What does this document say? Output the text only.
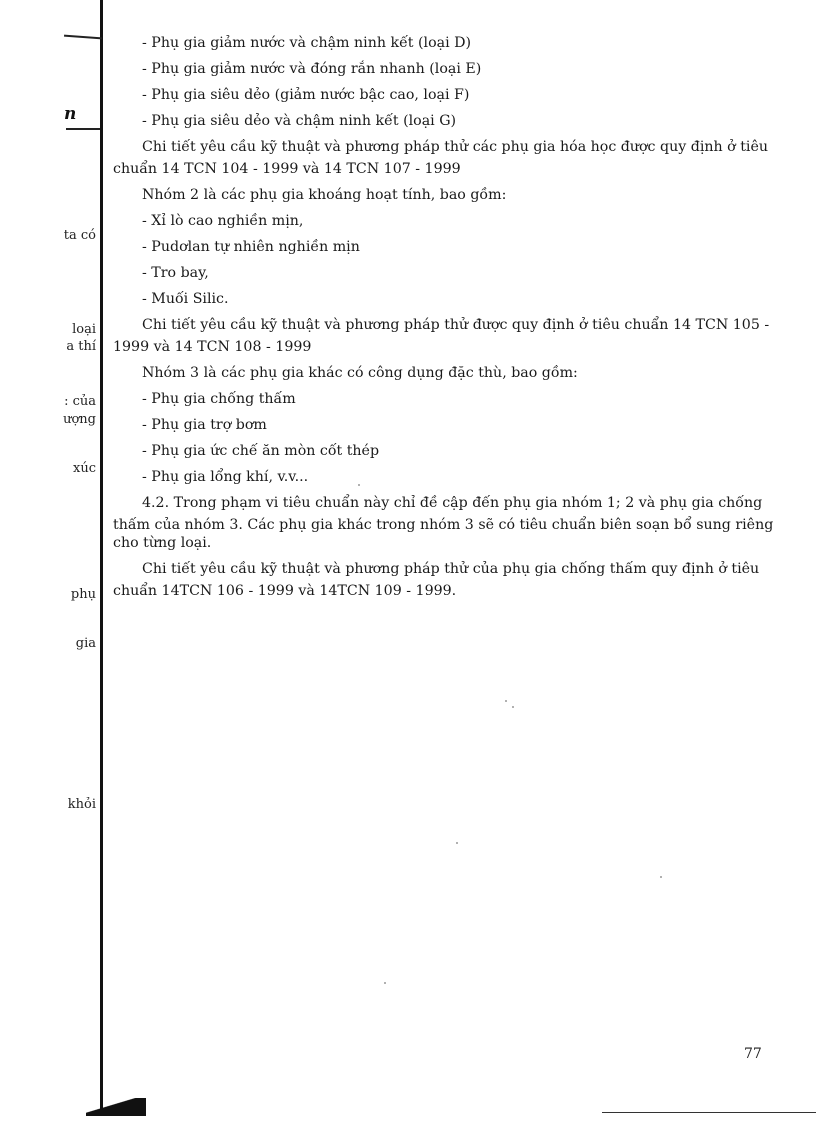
n
ta có
loại
a thí
: của
ượng
xúc
phụ
gia
khỏi

- Phụ gia giảm nước và chậm ninh kết (loại D)

- Phụ gia giảm nước và đóng rắn nhanh (loại E)

- Phụ gia siêu dẻo (giảm nước bậc cao, loại F)

- Phụ gia siêu dẻo và chậm ninh kết (loại G)

Chi tiết yêu cầu kỹ thuật và phương pháp thử các phụ gia hóa học được quy định ở tiêu

chuẩn 14 TCN 104 - 1999 và 14 TCN 107 - 1999

Nhóm 2 là các phụ gia khoáng hoạt tính, bao gồm:

- Xỉ lò cao nghiền mịn,

- Pudơlan tự nhiên nghiền mịn

- Tro bay,

- Muối Silic.

Chi tiết yêu cầu kỹ thuật và phương pháp thử được quy định ở tiêu chuẩn 14 TCN 105 -

1999 và 14 TCN 108 - 1999

Nhóm 3 là các phụ gia khác có công dụng đặc thù, bao gồm:

- Phụ gia chống thấm

- Phụ gia trợ bơm

- Phụ gia ức chế ăn mòn cốt thép

- Phụ gia lổng khí, v.v...

4.2. Trong phạm vi tiêu chuẩn này chỉ đề cập đến phụ gia nhóm 1; 2 và phụ gia chống

thấm của nhóm 3. Các phụ gia khác trong nhóm 3 sẽ có tiêu chuẩn biên soạn bổ sung riêng

cho từng loại.

Chi tiết yêu cầu kỹ thuật và phương pháp thử của phụ gia chống thấm quy định ở tiêu

chuẩn 14TCN 106 - 1999 và 14TCN 109 - 1999.

77
